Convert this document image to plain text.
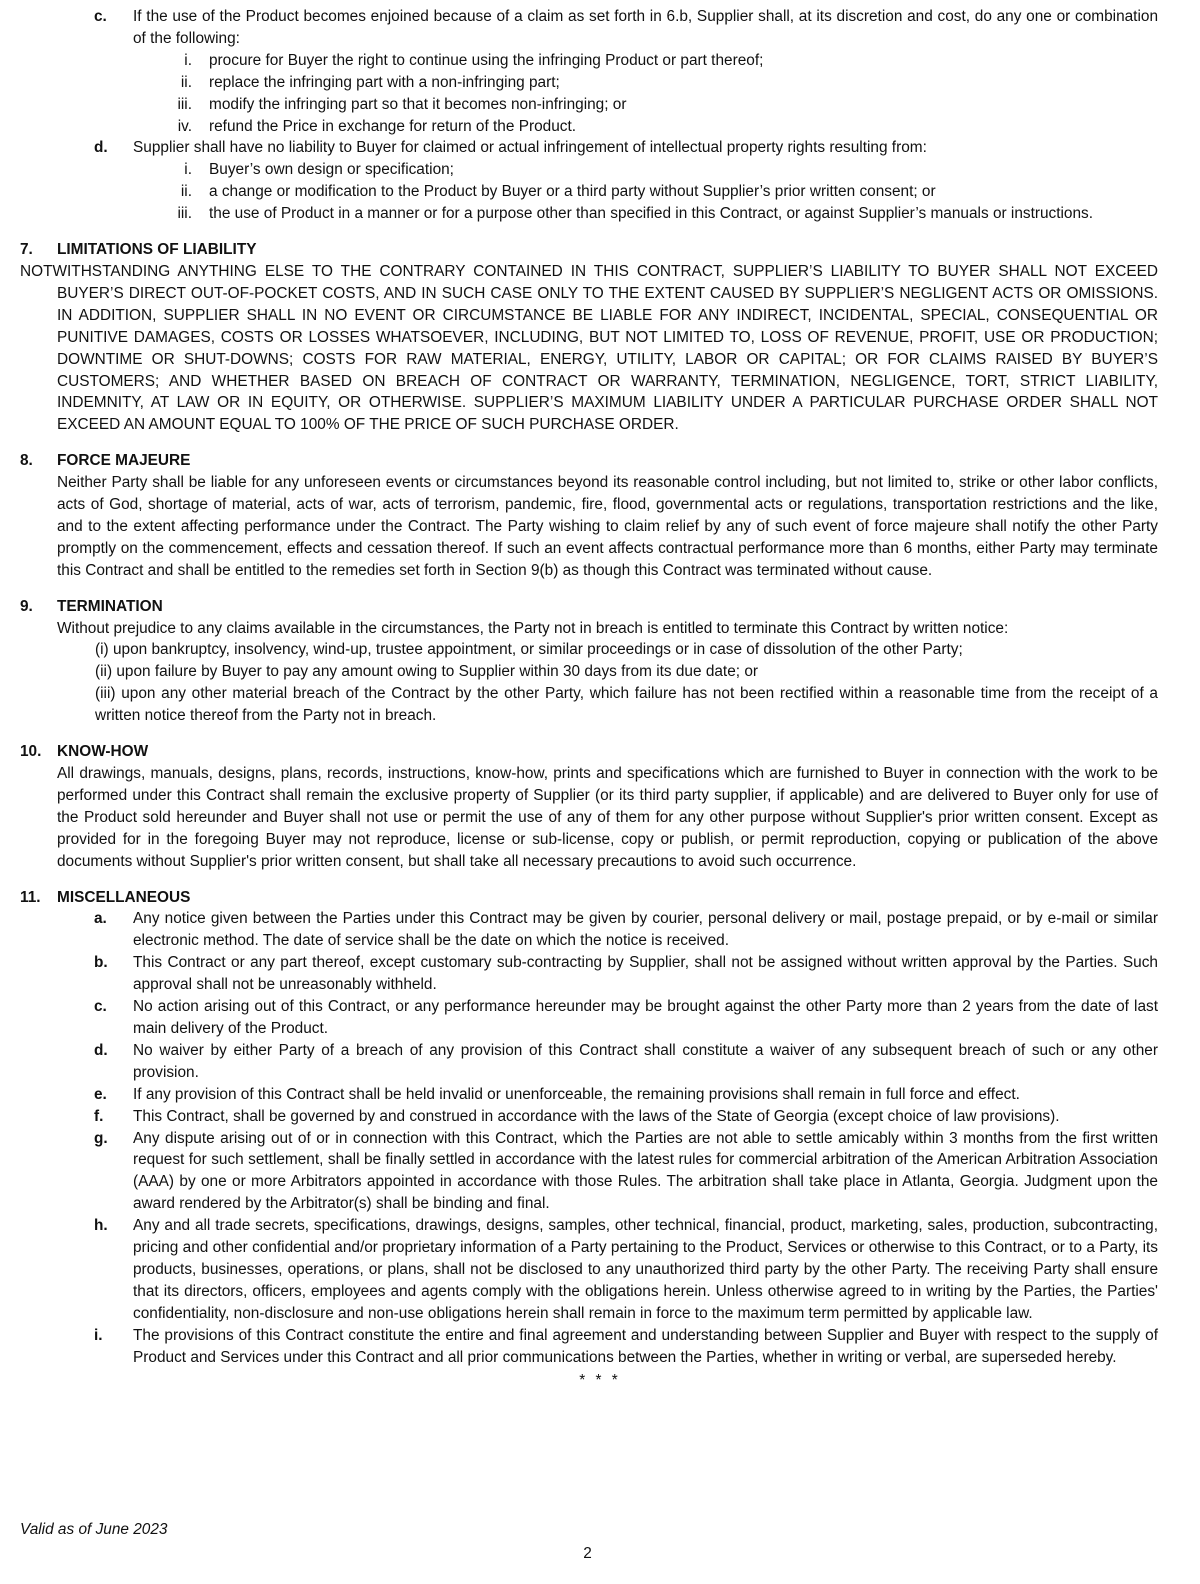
c. If the use of the Product becomes enjoined because of a claim as set forth in 6.b, Supplier shall, at its discretion and cost, do any one or combination of the following:
i. procure for Buyer the right to continue using the infringing Product or part thereof;
ii. replace the infringing part with a non-infringing part;
iii. modify the infringing part so that it becomes non-infringing; or
iv. refund the Price in exchange for return of the Product.
d. Supplier shall have no liability to Buyer for claimed or actual infringement of intellectual property rights resulting from:
i. Buyer’s own design or specification;
ii. a change or modification to the Product by Buyer or a third party without Supplier’s prior written consent; or
iii. the use of Product in a manner or for a purpose other than specified in this Contract, or against Supplier’s manuals or instructions.
7. LIMITATIONS OF LIABILITY
NOTWITHSTANDING ANYTHING ELSE TO THE CONTRARY CONTAINED IN THIS CONTRACT, SUPPLIER’S LIABILITY TO BUYER SHALL NOT EXCEED BUYER’S DIRECT OUT-OF-POCKET COSTS, AND IN SUCH CASE ONLY TO THE EXTENT CAUSED BY SUPPLIER’S NEGLIGENT ACTS OR OMISSIONS. IN ADDITION, SUPPLIER SHALL IN NO EVENT OR CIRCUMSTANCE BE LIABLE FOR ANY INDIRECT, INCIDENTAL, SPECIAL, CONSEQUENTIAL OR PUNITIVE DAMAGES, COSTS OR LOSSES WHATSOEVER, INCLUDING, BUT NOT LIMITED TO, LOSS OF REVENUE, PROFIT, USE OR PRODUCTION; DOWNTIME OR SHUT-DOWNS; COSTS FOR RAW MATERIAL, ENERGY, UTILITY, LABOR OR CAPITAL; OR FOR CLAIMS RAISED BY BUYER’S CUSTOMERS; AND WHETHER BASED ON BREACH OF CONTRACT OR WARRANTY, TERMINATION, NEGLIGENCE, TORT, STRICT LIABILITY, INDEMNITY, AT LAW OR IN EQUITY, OR OTHERWISE. SUPPLIER’S MAXIMUM LIABILITY UNDER A PARTICULAR PURCHASE ORDER SHALL NOT EXCEED AN AMOUNT EQUAL TO 100% OF THE PRICE OF SUCH PURCHASE ORDER.
8. FORCE MAJEURE
Neither Party shall be liable for any unforeseen events or circumstances beyond its reasonable control including, but not limited to, strike or other labor conflicts, acts of God, shortage of material, acts of war, acts of terrorism, pandemic, fire, flood, governmental acts or regulations, transportation restrictions and the like, and to the extent affecting performance under the Contract. The Party wishing to claim relief by any of such event of force majeure shall notify the other Party promptly on the commencement, effects and cessation thereof. If such an event affects contractual performance more than 6 months, either Party may terminate this Contract and shall be entitled to the remedies set forth in Section 9(b) as though this Contract was terminated without cause.
9. TERMINATION
Without prejudice to any claims available in the circumstances, the Party not in breach is entitled to terminate this Contract by written notice:
(i) upon bankruptcy, insolvency, wind-up, trustee appointment, or similar proceedings or in case of dissolution of the other Party;
(ii) upon failure by Buyer to pay any amount owing to Supplier within 30 days from its due date; or
(iii) upon any other material breach of the Contract by the other Party, which failure has not been rectified within a reasonable time from the receipt of a written notice thereof from the Party not in breach.
10. KNOW-HOW
All drawings, manuals, designs, plans, records, instructions, know-how, prints and specifications which are furnished to Buyer in connection with the work to be performed under this Contract shall remain the exclusive property of Supplier (or its third party supplier, if applicable) and are delivered to Buyer only for use of the Product sold hereunder and Buyer shall not use or permit the use of any of them for any other purpose without Supplier's prior written consent. Except as provided for in the foregoing Buyer may not reproduce, license or sub-license, copy or publish, or permit reproduction, copying or publication of the above documents without Supplier's prior written consent, but shall take all necessary precautions to avoid such occurrence.
11. MISCELLANEOUS
a. Any notice given between the Parties under this Contract may be given by courier, personal delivery or mail, postage prepaid, or by e-mail or similar electronic method. The date of service shall be the date on which the notice is received.
b. This Contract or any part thereof, except customary sub-contracting by Supplier, shall not be assigned without written approval by the Parties. Such approval shall not be unreasonably withheld.
c. No action arising out of this Contract, or any performance hereunder may be brought against the other Party more than 2 years from the date of last main delivery of the Product.
d. No waiver by either Party of a breach of any provision of this Contract shall constitute a waiver of any subsequent breach of such or any other provision.
e. If any provision of this Contract shall be held invalid or unenforceable, the remaining provisions shall remain in full force and effect.
f. This Contract, shall be governed by and construed in accordance with the laws of the State of Georgia (except choice of law provisions).
g. Any dispute arising out of or in connection with this Contract, which the Parties are not able to settle amicably within 3 months from the first written request for such settlement, shall be finally settled in accordance with the latest rules for commercial arbitration of the American Arbitration Association (AAA) by one or more Arbitrators appointed in accordance with those Rules. The arbitration shall take place in Atlanta, Georgia. Judgment upon the award rendered by the Arbitrator(s) shall be binding and final.
h. Any and all trade secrets, specifications, drawings, designs, samples, other technical, financial, product, marketing, sales, production, subcontracting, pricing and other confidential and/or proprietary information of a Party pertaining to the Product, Services or otherwise to this Contract, or to a Party, its products, businesses, operations, or plans, shall not be disclosed to any unauthorized third party by the other Party. The receiving Party shall ensure that its directors, officers, employees and agents comply with the obligations herein. Unless otherwise agreed to in writing by the Parties, the Parties' confidentiality, non-disclosure and non-use obligations herein shall remain in force to the maximum term permitted by applicable law.
i. The provisions of this Contract constitute the entire and final agreement and understanding between Supplier and Buyer with respect to the supply of Product and Services under this Contract and all prior communications between the Parties, whether in writing or verbal, are superseded hereby.
* * *
Valid as of June 2023
2
